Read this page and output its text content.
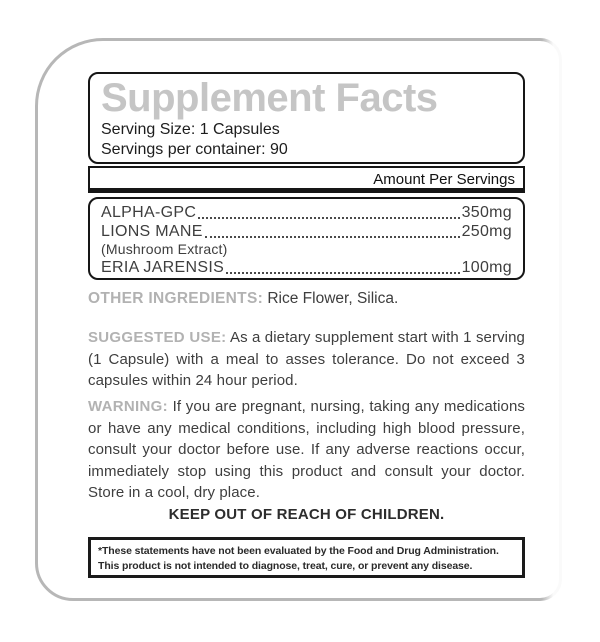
Supplement Facts
Serving Size: 1 Capsules
Servings per container: 90
Amount Per Servings
ALPHA-GPC	350mg
LIONS MANE	250mg
(Mushroom Extract)
ERIA JARENSIS	100mg
OTHER INGREDIENTS: Rice Flower, Silica.
SUGGESTED USE: As a dietary supplement start with 1 serving (1 Capsule) with a meal to asses tolerance. Do not exceed 3 capsules within 24 hour period.
WARNING: If you are pregnant, nursing, taking any medications or have any medical conditions, including high blood pressure, consult your doctor before use. If any adverse reactions occur, immediately stop using this product and consult your doctor. Store in a cool, dry place.
KEEP OUT OF REACH OF CHILDREN.
*These statements have not been evaluated by the Food and Drug Administration.
This product is not intended to diagnose, treat, cure, or prevent any disease.
